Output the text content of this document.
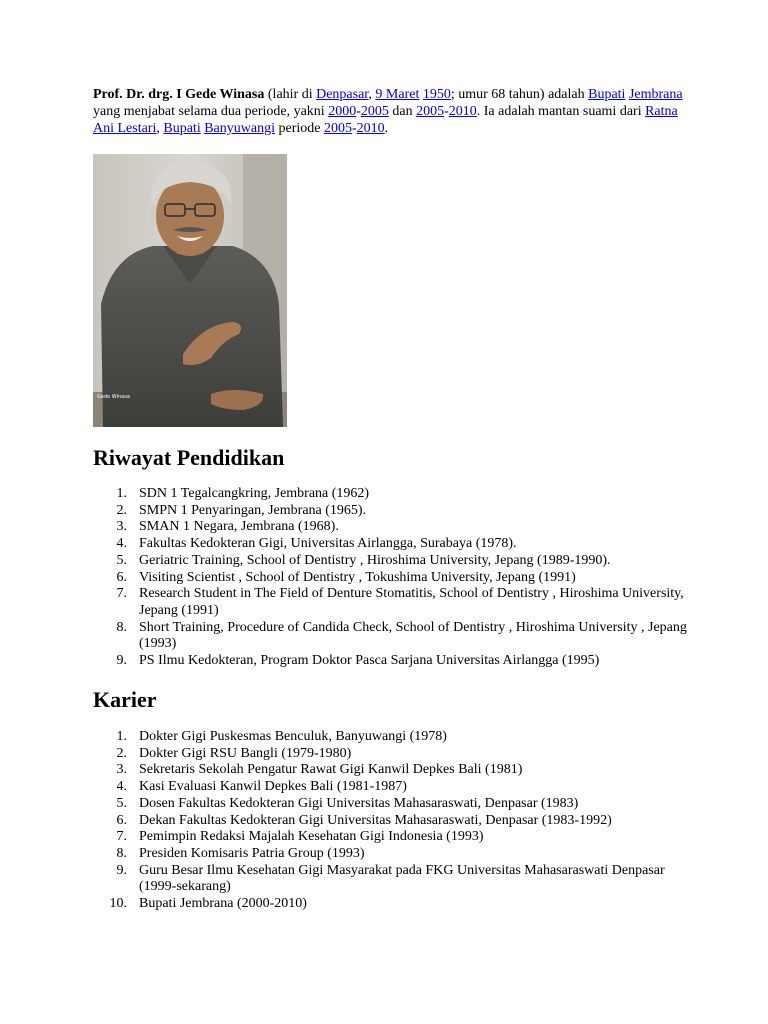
Prof. Dr. drg. I Gede Winasa (lahir di Denpasar, 9 Maret 1950; umur 68 tahun) adalah Bupati Jembrana yang menjabat selama dua periode, yakni 2000-2005 dan 2005-2010. Ia adalah mantan suami dari Ratna Ani Lestari, Bupati Banyuwangi periode 2005-2010.

Gede Winasa
Riwayat Pendidikan
1. SDN 1 Tegalcangkring, Jembrana (1962)
2. SMPN 1 Penyaringan, Jembrana (1965).
3. SMAN 1 Negara, Jembrana (1968).
4. Fakultas Kedokteran Gigi, Universitas Airlangga, Surabaya (1978).
5. Geriatric Training, School of Dentistry , Hiroshima University, Jepang (1989-1990).
6. Visiting Scientist , School of Dentistry , Tokushima University, Jepang (1991)
7. Research Student in The Field of Denture Stomatitis, School of Dentistry , Hiroshima University, Jepang (1991)
8. Short Training, Procedure of Candida Check, School of Dentistry , Hiroshima University , Jepang (1993)
9. PS Ilmu Kedokteran, Program Doktor Pasca Sarjana Universitas Airlangga (1995)
Karier
1. Dokter Gigi Puskesmas Benculuk, Banyuwangi (1978)
2. Dokter Gigi RSU Bangli (1979-1980)
3. Sekretaris Sekolah Pengatur Rawat Gigi Kanwil Depkes Bali (1981)
4. Kasi Evaluasi Kanwil Depkes Bali (1981-1987)
5. Dosen Fakultas Kedokteran Gigi Universitas Mahasaraswati, Denpasar (1983)
6. Dekan Fakultas Kedokteran Gigi Universitas Mahasaraswati, Denpasar (1983-1992)
7. Pemimpin Redaksi Majalah Kesehatan Gigi Indonesia (1993)
8. Presiden Komisaris Patria Group (1993)
9. Guru Besar Ilmu Kesehatan Gigi Masyarakat pada FKG Universitas Mahasaraswati Denpasar (1999-sekarang)
10. Bupati Jembrana (2000-2010)
